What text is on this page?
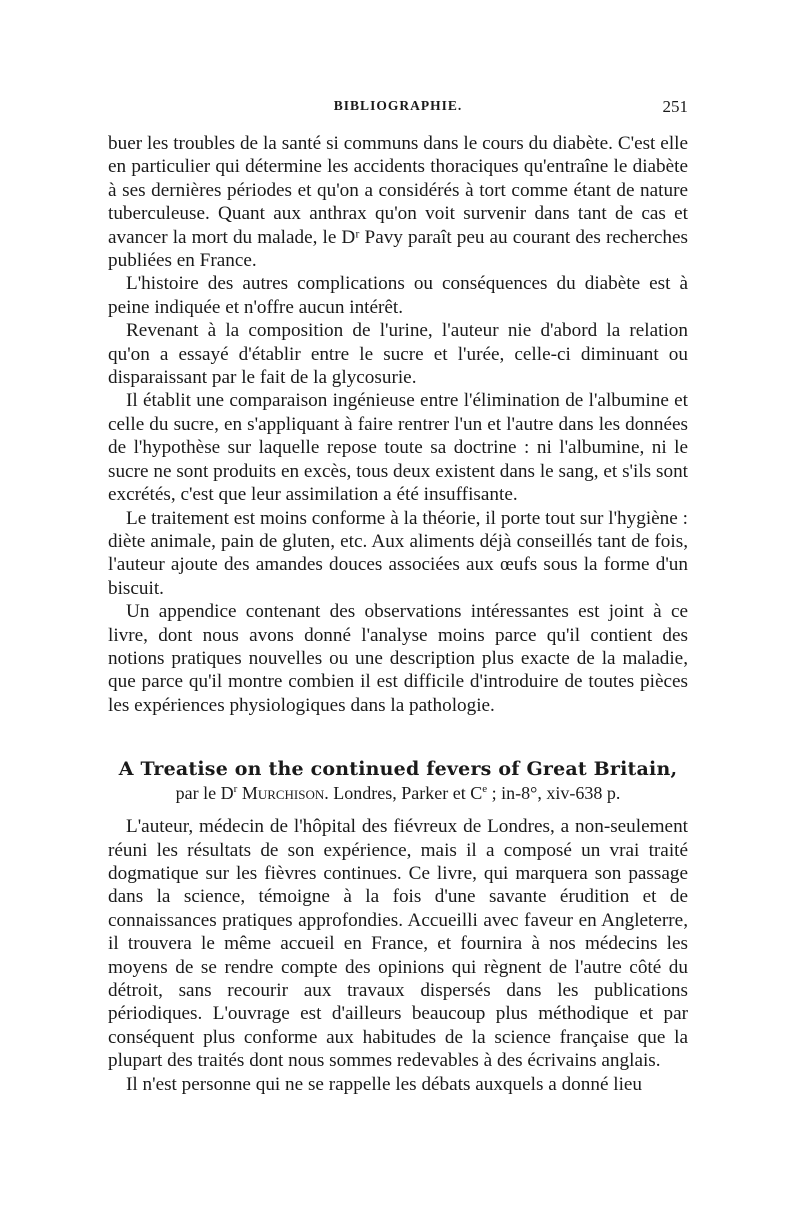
BIBLIOGRAPHIE.	251

buer les troubles de la santé si communs dans le cours du diabète. C'est elle en particulier qui détermine les accidents thoraciques qu'entraîne le diabète à ses dernières périodes et qu'on a considérés à tort comme étant de nature tuberculeuse. Quant aux anthrax qu'on voit survenir dans tant de cas et avancer la mort du malade, le Dʳ Pavy paraît peu au courant des recherches publiées en France.

L'histoire des autres complications ou conséquences du diabète est à peine indiquée et n'offre aucun intérêt.

Revenant à la composition de l'urine, l'auteur nie d'abord la relation qu'on a essayé d'établir entre le sucre et l'urée, celle-ci diminuant ou disparaissant par le fait de la glycosurie.

Il établit une comparaison ingénieuse entre l'élimination de l'albumine et celle du sucre, en s'appliquant à faire rentrer l'un et l'autre dans les données de l'hypothèse sur laquelle repose toute sa doctrine : ni l'albumine, ni le sucre ne sont produits en excès, tous deux existent dans le sang, et s'ils sont excrétés, c'est que leur assimilation a été insuffisante.

Le traitement est moins conforme à la théorie, il porte tout sur l'hygiène : diète animale, pain de gluten, etc. Aux aliments déjà conseillés tant de fois, l'auteur ajoute des amandes douces associées aux œufs sous la forme d'un biscuit.

Un appendice contenant des observations intéressantes est joint à ce livre, dont nous avons donné l'analyse moins parce qu'il contient des notions pratiques nouvelles ou une description plus exacte de la maladie, que parce qu'il montre combien il est difficile d'introduire de toutes pièces les expériences physiologiques dans la pathologie.

A Treatise on the continued fevers of Great Britain,
par le $D^r$ Murchison. Londres, Parker et Ce ; in-8°, xiv-638 p.

L'auteur, médecin de l'hôpital des fiévreux de Londres, a non-seulement réuni les résultats de son expérience, mais il a composé un vrai traité dogmatique sur les fièvres continues. Ce livre, qui marquera son passage dans la science, témoigne à la fois d'une savante érudition et de connaissances pratiques approfondies. Accueilli avec faveur en Angleterre, il trouvera le même accueil en France, et fournira à nos médecins les moyens de se rendre compte des opinions qui règnent de l'autre côté du détroit, sans recourir aux travaux dispersés dans les publications périodiques. L'ouvrage est d'ailleurs beaucoup plus méthodique et par conséquent plus conforme aux habitudes de la science française que la plupart des traités dont nous sommes redevables à des écrivains anglais.

Il n'est personne qui ne se rappelle les débats auxquels a donné lieu
